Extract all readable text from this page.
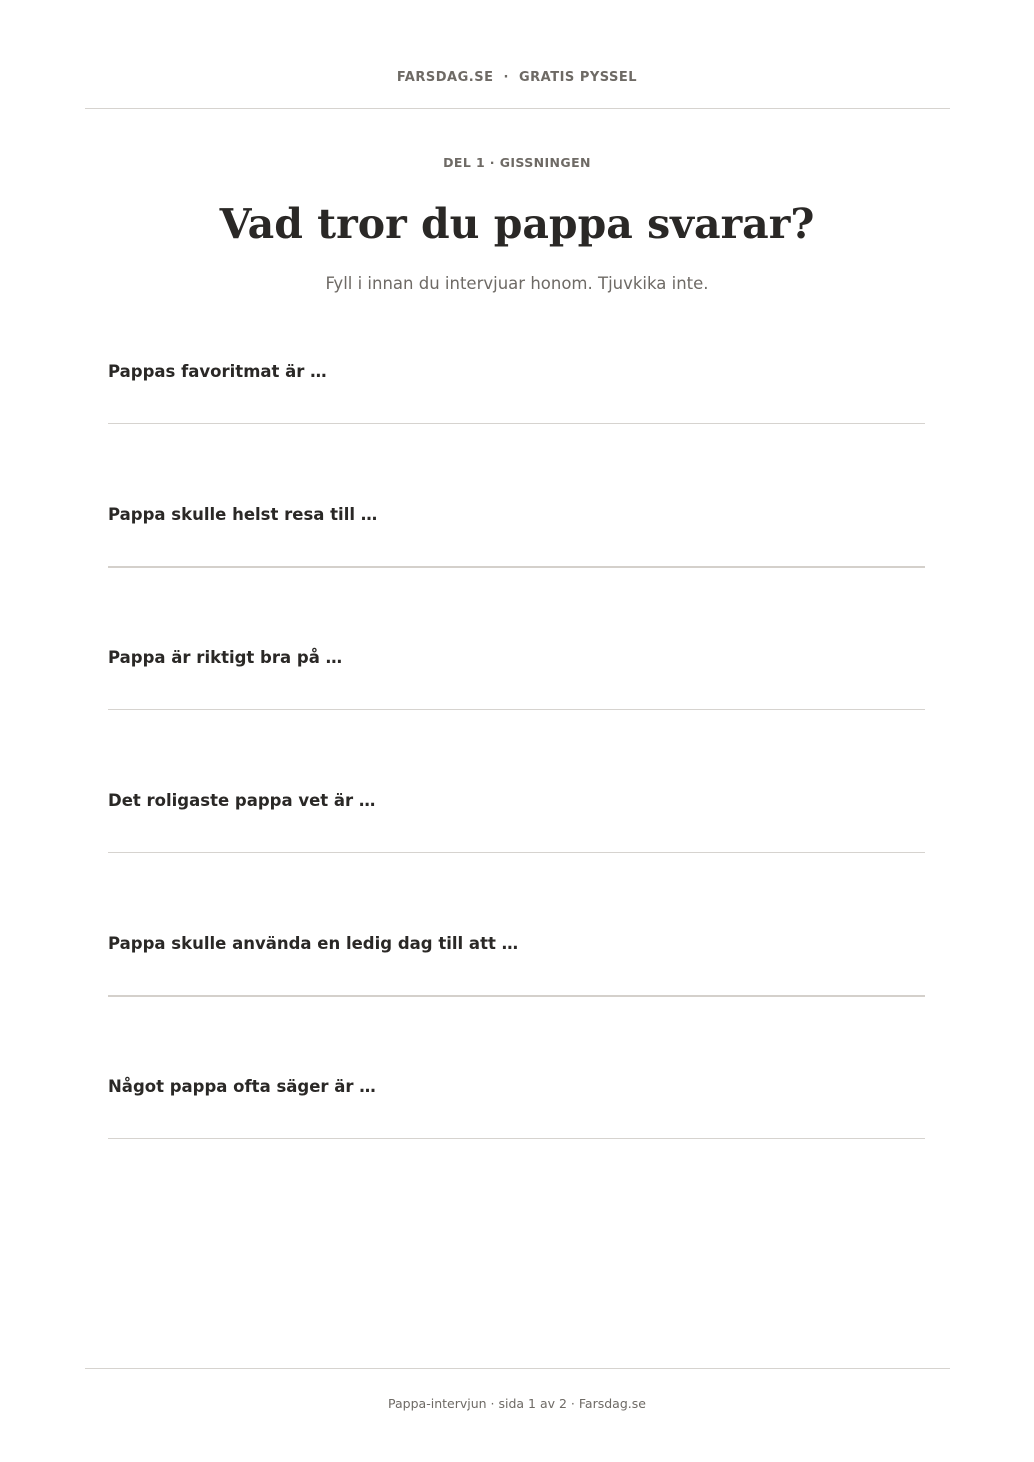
FARSDAG.SE  ·  GRATIS PYSSEL
DEL 1 · GISSNINGEN
Vad tror du pappa svarar?
Fyll i innan du intervjuar honom. Tjuvkika inte.
Pappas favoritmat är …
Pappa skulle helst resa till …
Pappa är riktigt bra på …
Det roligaste pappa vet är …
Pappa skulle använda en ledig dag till att …
Något pappa ofta säger är …
Pappa-intervjun · sida 1 av 2 · Farsdag.se
